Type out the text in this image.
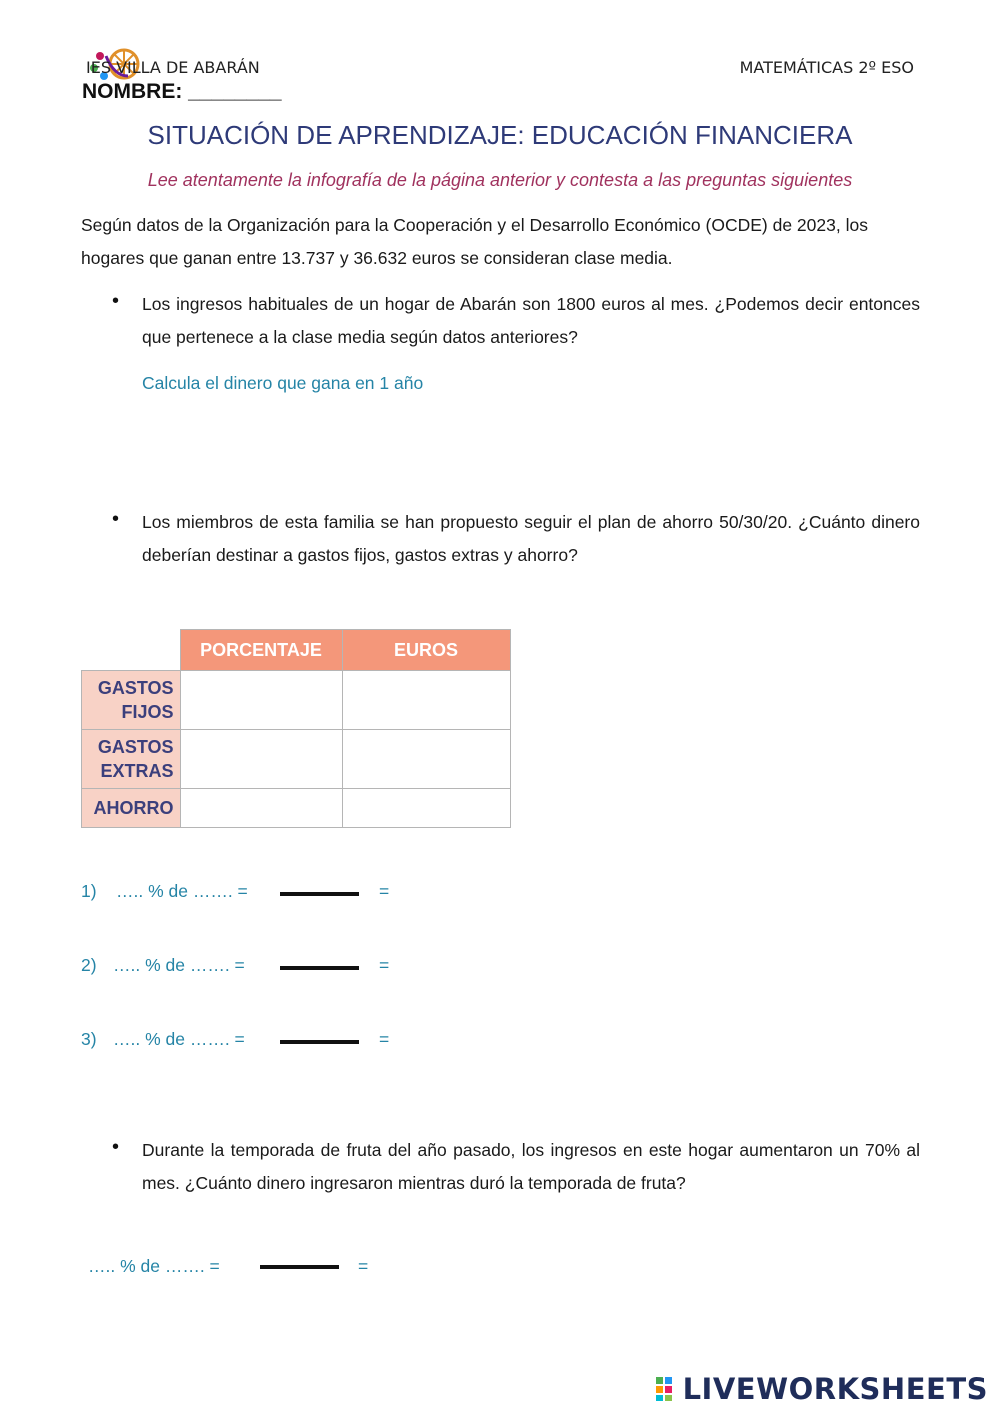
IES VILLA DE ABARÁN	MATEMÁTICAS 2º ESO
NOMBRE: ________
SITUACIÓN DE APRENDIZAJE: EDUCACIÓN FINANCIERA
Lee atentamente la infografía de la página anterior y contesta a las preguntas siguientes
Según datos de la Organización para la Cooperación y el Desarrollo Económico (OCDE) de 2023, los hogares que ganan entre 13.737 y 36.632 euros se consideran clase media.
• Los ingresos habituales de un hogar de Abarán son 1800 euros al mes. ¿Podemos decir entonces que pertenece a la clase media según datos anteriores?
Calcula el dinero que gana en 1 año
• Los miembros de esta familia se han propuesto seguir el plan de ahorro 50/30/20. ¿Cuánto dinero deberían destinar a gastos fijos, gastos extras y ahorro?
	PORCENTAJE	EUROS
GASTOS FIJOS		
GASTOS EXTRAS		
AHORRO		
1) ….. % de ……. =	=
2) ….. % de ……. =	=
3) ….. % de ……. =	=
• Durante la temporada de fruta del año pasado, los ingresos en este hogar aumentaron un 70% al mes. ¿Cuánto dinero ingresaron mientras duró la temporada de fruta?
….. % de ……. =	=
LIVEWORKSHEETS
